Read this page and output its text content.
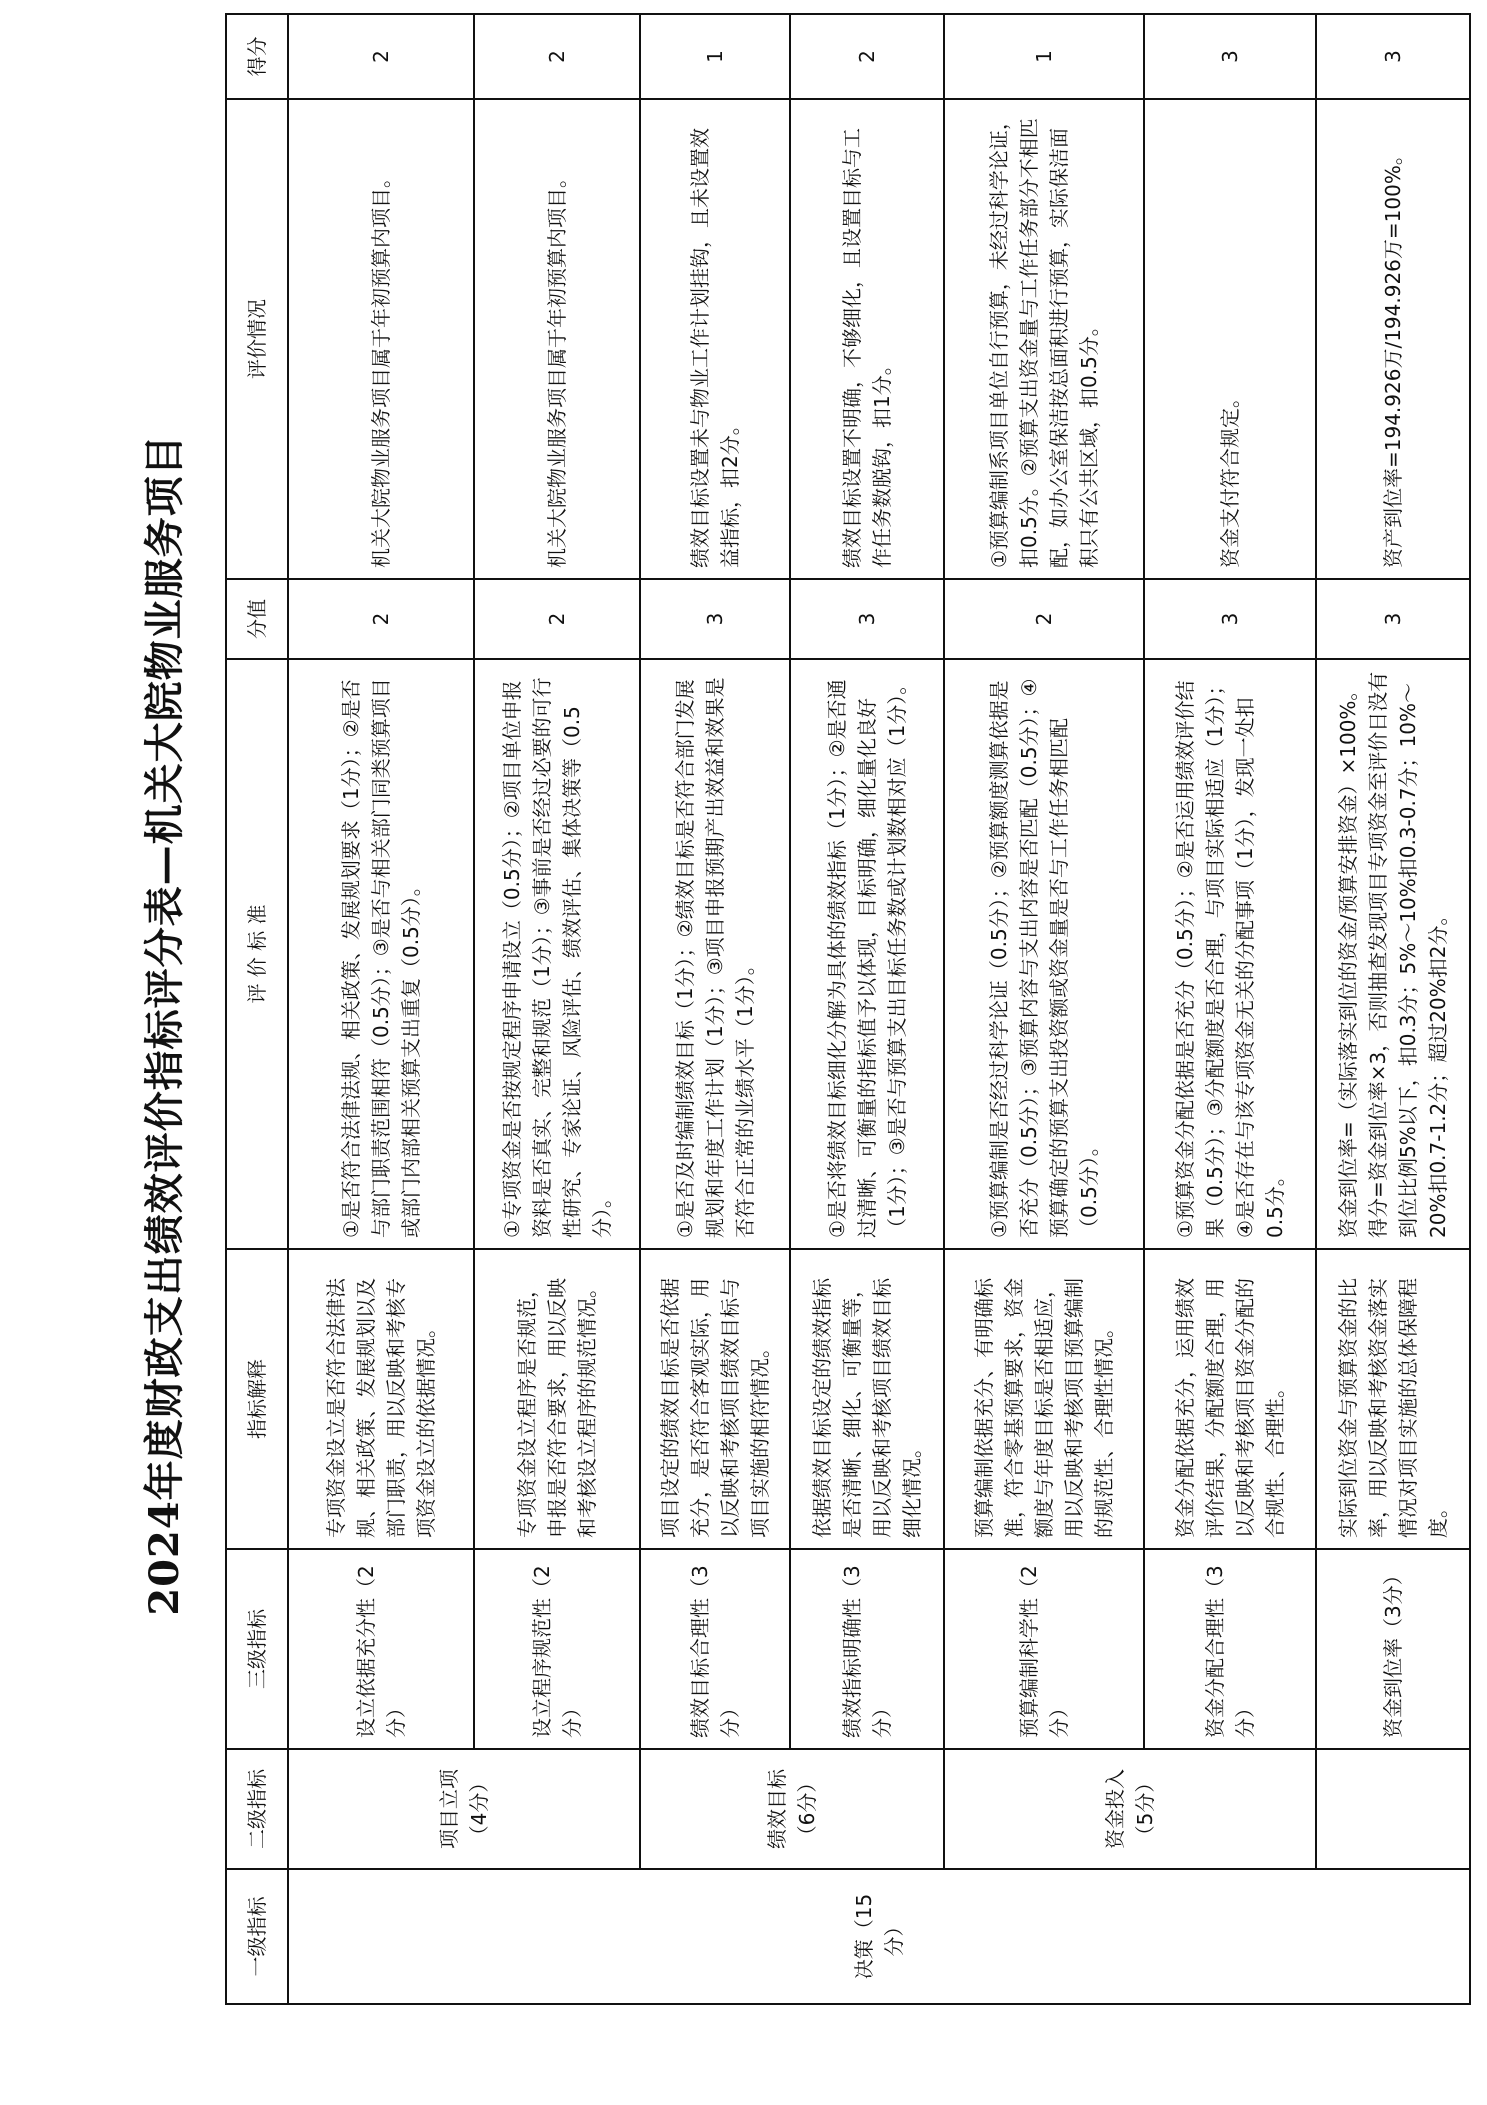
2024年度财政支出绩效评价指标评分表—机关大院物业服务项目
一级指标	二级指标	三级指标	指标解释	评 价 标 准	分值	评价情况	得分
决策（15分）	项目立项（4分）	设立依据充分性（2分）	专项资金设立是否符合法律法规、相关政策、发展规划以及部门职责，用以反映和考核专项资金设立的依据情况。	①是否符合法律法规、相关政策、发展规划要求（1分）；②是否与部门职责范围相符（0.5分）；③是否与相关部门同类预算项目或部门内部相关预算支出重复（0.5分）。	2	机关大院物业服务项目属于年初预算内项目。	2
		设立程序规范性（2分）	专项资金设立程序是否规范，申报是否符合要求，用以反映和考核设立程序的规范情况。	①专项资金是否按规定程序申请设立（0.5分）；②项目单位申报资料是否真实、完整和规范（1分）；③事前是否经过必要的可行性研究、专家论证、风险评估、绩效评估、集体决策等（0.5分）。	2	机关大院物业服务项目属于年初预算内项目。	2
	绩效目标（6分）	绩效目标合理性（3分）	项目设定的绩效目标是否依据充分，是否符合客观实际，用以反映和考核项目绩效目标与项目实施的相符情况。	①是否及时编制绩效目标（1分）；②绩效目标是否符合部门发展规划和年度工作计划（1分）；③项目申报预期产出效益和效果是否符合正常的业绩水平（1分）。	3	绩效目标设置未与物业工作计划挂钩，且未设置效益指标，扣2分。	1
		绩效指标明确性（3分）	依据绩效目标设定的绩效指标是否清晰、细化、可衡量等，用以反映和考核项目绩效目标细化情况。	①是否将绩效目标细化分解为具体的绩效指标（1分）；②是否通过清晰、可衡量的指标值予以体现，目标明确，细化量化良好（1分）；③是否与预算支出目标任务数或计划数相对应（1分）。	3	绩效目标设置不明确，不够细化，且设置目标与工作任务数脱钩，扣1分。	2
	资金投入（5分）	预算编制科学性（2分）	预算编制依据充分、有明确标准，符合零基预算要求，资金额度与年度目标是否相适应，用以反映和考核项目预算编制的规范性、合理性情况。	①预算编制是否经过科学论证（0.5分）；②预算额度测算依据是否充分（0.5分）；③预算内容与支出内容是否匹配（0.5分）；④预算确定的预算支出投资额或资金量是否与工作任务相匹配（0.5分）。	2	①预算编制系项目单位自行预算，未经过科学论证，扣0.5分。②预算支出资金量与工作任务部分不相匹配，如办公室保洁按总面积进行预算，实际保洁面积只有公共区域，扣0.5分。	1
		资金分配合理性（3分）	资金分配依据充分，运用绩效评价结果，分配额度合理，用以反映和考核项目资金分配的合规性、合理性。	①预算资金分配依据是否充分（0.5分）；②是否运用绩效评价结果（0.5分）；③分配额度是否合理，与项目实际相适应（1分）；④是否存在与该专项资金无关的分配事项（1分），发现一处扣0.5分。	3	资金支付符合规定。	3
		资金到位率（3分）	实际到位资金与预算资金的比率，用以反映和考核资金落实情况对项目实施的总体保障程度。	资金到位率=（实际落实到位的资金/预算安排资金）×100%。得分=资金到位率×3，否则抽查发现项目专项资金至评价日没有到位比例5%以下，扣0.3分；5%～10%扣0.3-0.7分；10%～20%扣0.7-1.2分；超过20%扣2分。	3	资产到位率=194.926万/194.926万=100%。	3
